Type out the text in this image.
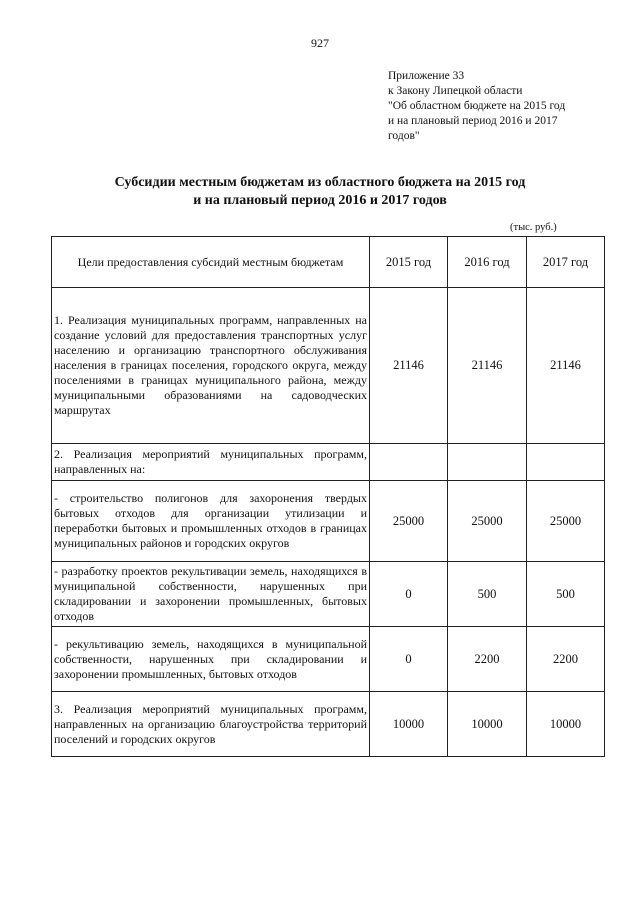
927
Приложение 33
к Закону Липецкой области
"Об областном бюджете на 2015 год
и на плановый период 2016 и 2017
годов"
Субсидии местным бюджетам из областного бюджета на 2015 год
и на плановый период 2016 и 2017 годов
(тыс. руб.)
Цели предоставления субсидий местным бюджетам	2015 год	2016 год	2017 год
1. Реализация муниципальных программ, направленных на создание условий для предоставления транспортных услуг населению и организацию транспортного обслуживания населения в границах поселения, городского округа, между поселениями в границах муниципального района, между муниципальными образованиями на садоводческих маршрутах	21146	21146	21146
2. Реализация мероприятий муниципальных программ, направленных на:			
- строительство полигонов для захоронения твердых бытовых отходов для организации утилизации и переработки бытовых и промышленных отходов в границах муниципальных районов и городских округов	25000	25000	25000
- разработку проектов рекультивации земель, находящихся в муниципальной собственности, нарушенных при складировании и захоронении промышленных, бытовых отходов	0	500	500
- рекультивацию земель, находящихся в муниципальной собственности, нарушенных при складировании и захоронении промышленных, бытовых отходов	0	2200	2200
3. Реализация мероприятий муниципальных программ, направленных на организацию благоустройства территорий поселений и городских округов	10000	10000	10000
